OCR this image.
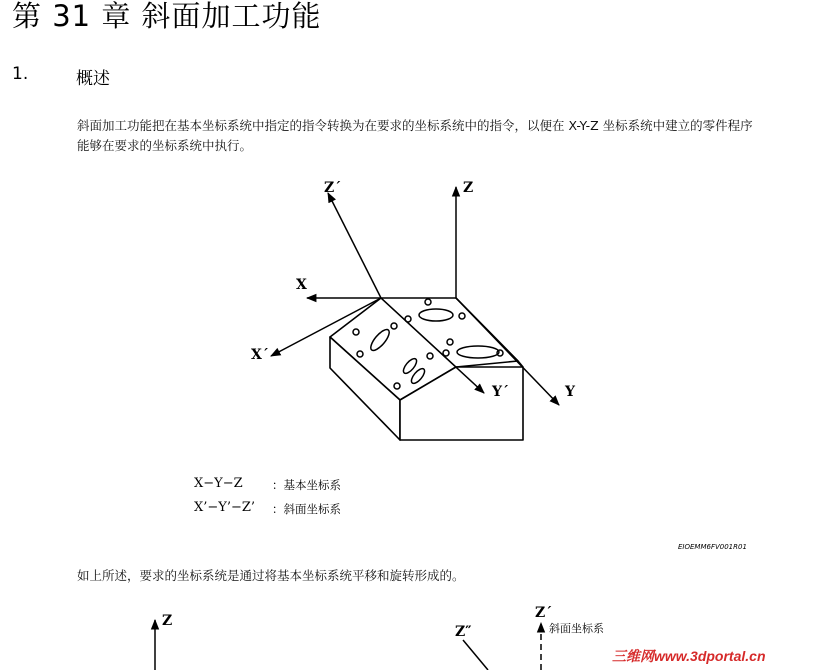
第 31 章 斜面加工功能
1.	概述
斜面加工功能把在基本坐标系统中指定的指令转换为在要求的坐标系统中的指令，以便在 X-Y-Z 坐标系统中建立的零件程序能够在要求的坐标系统中执行。
Z´	Z
X
X´
Y´	Y
Z
Z″
Z´
斜面坐标系
X−Y−Z	：基本坐标系
X’−Y’−Z’ ：斜面坐标系
EIOEMM6FV001R01
如上所述，要求的坐标系统是通过将基本坐标系统平移和旋转形成的。
三维网www.3dportal.cn
